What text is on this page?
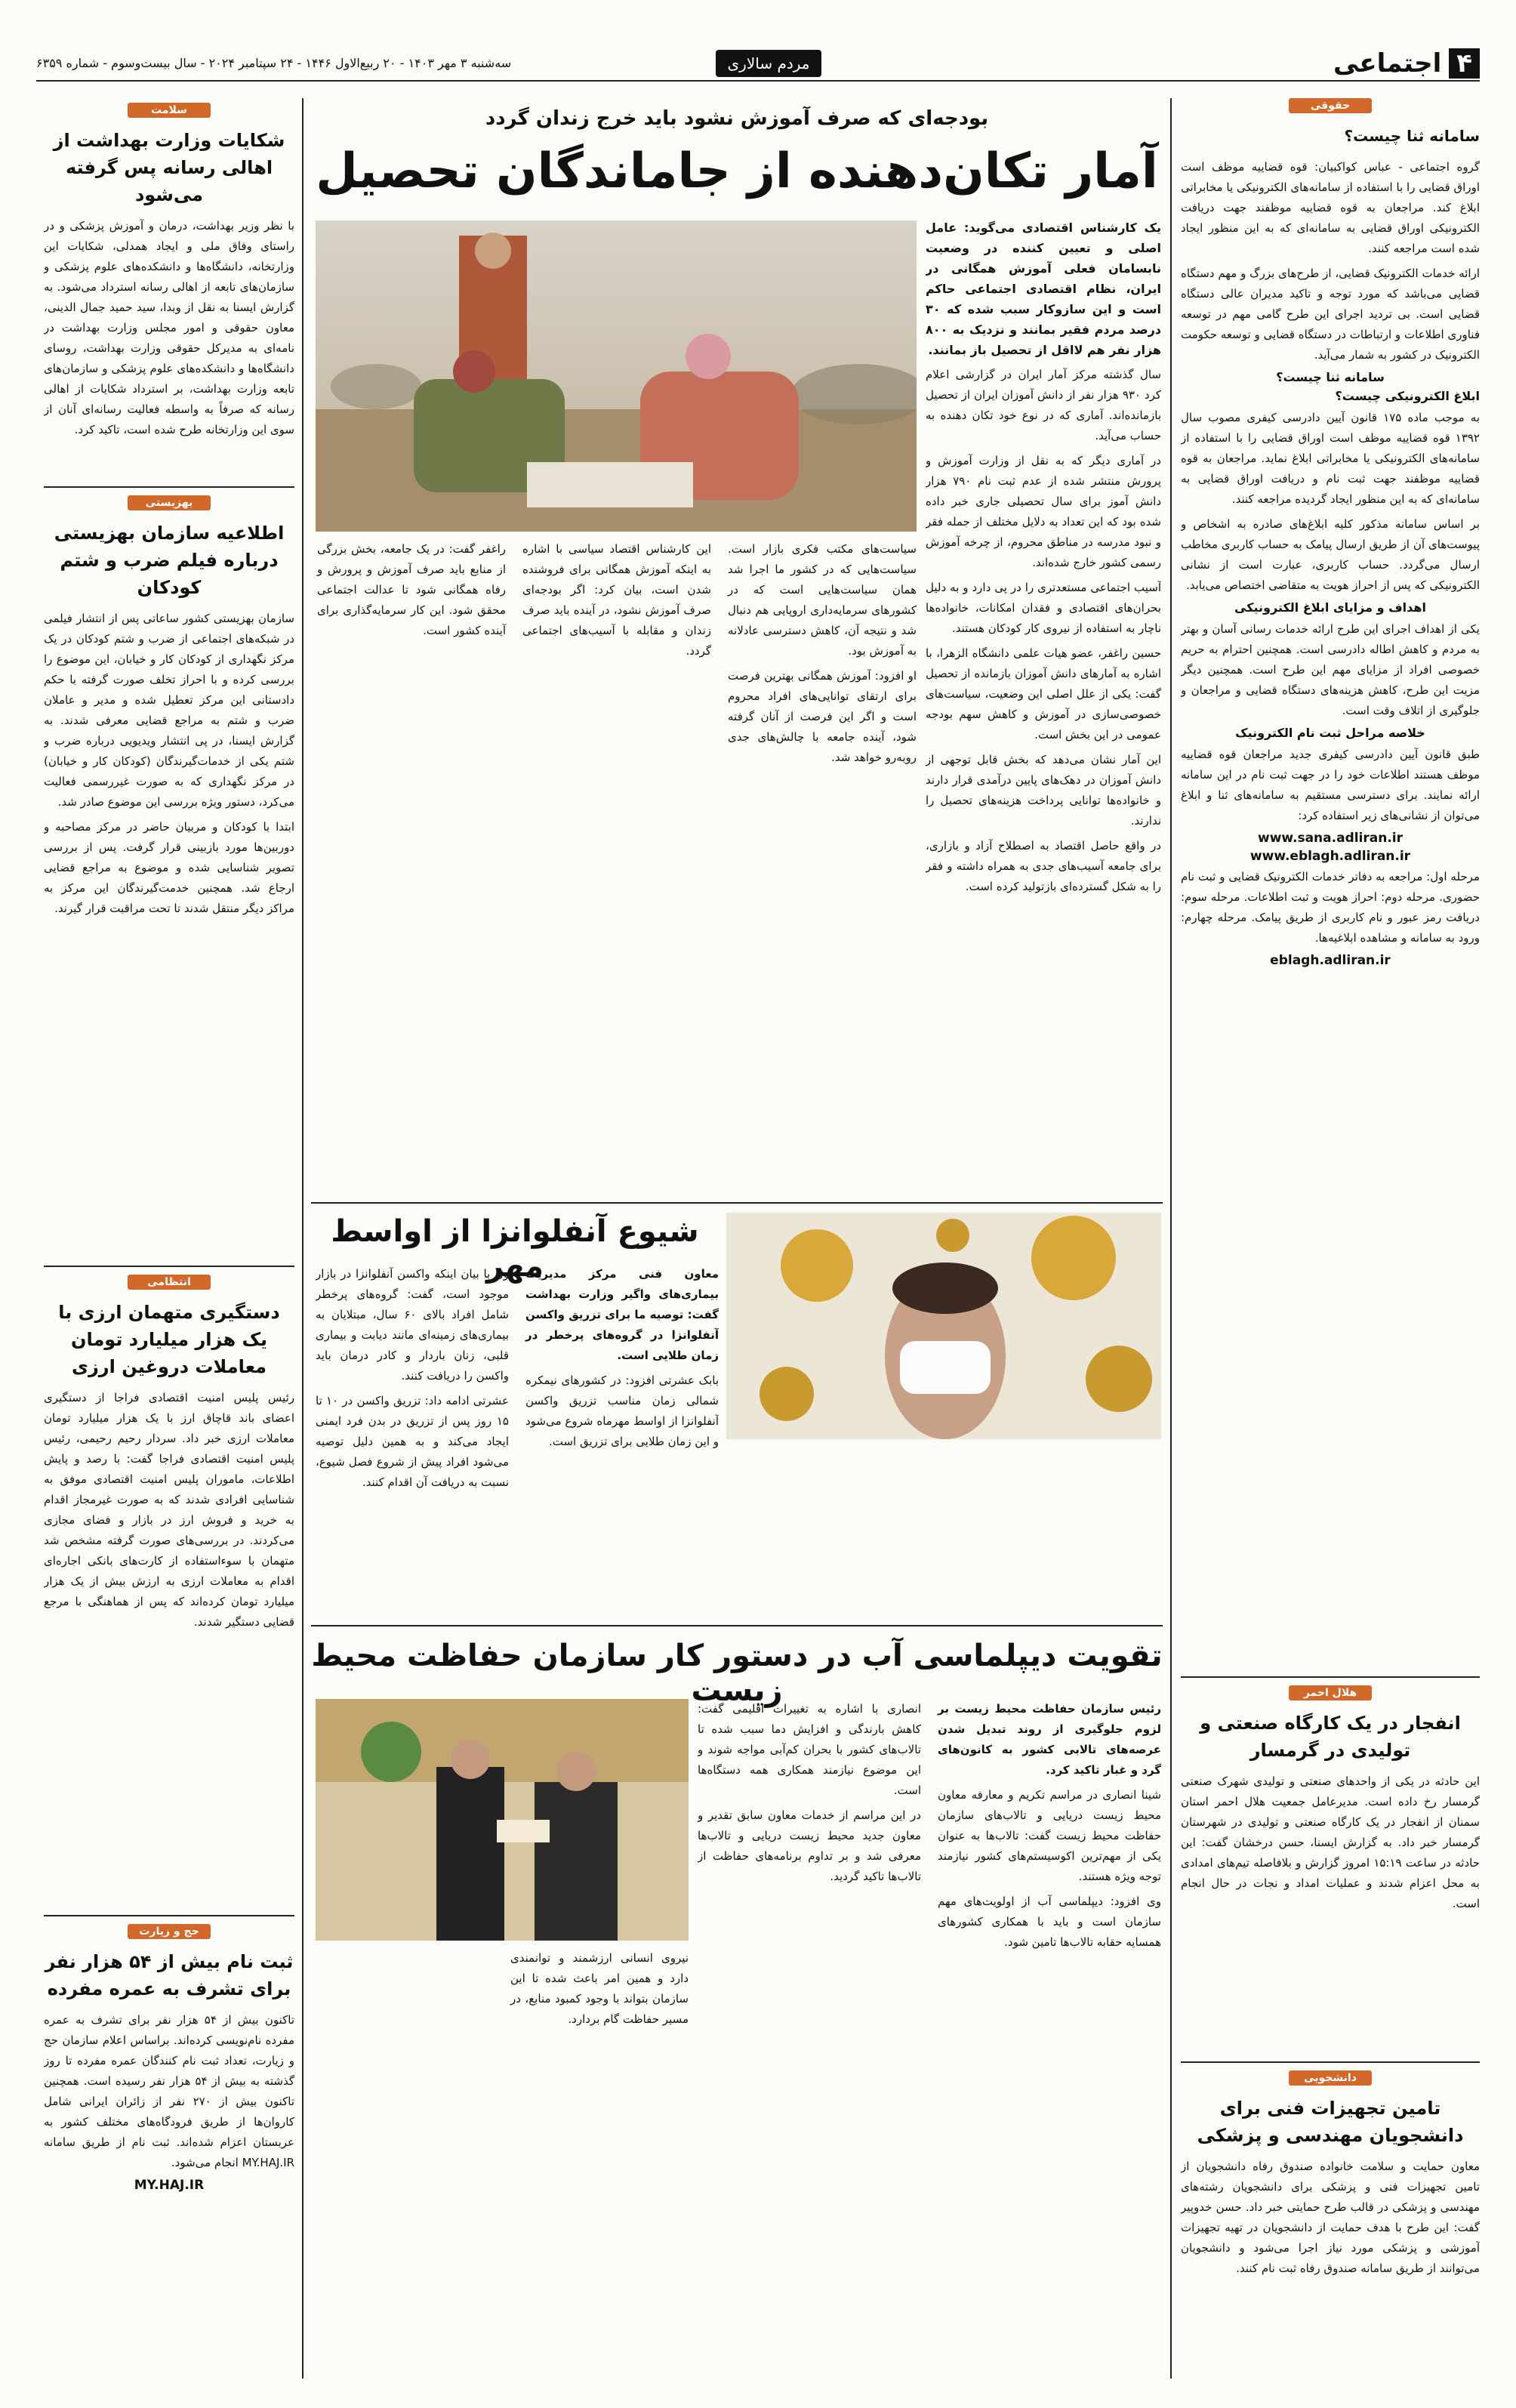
۴اجتماعی
مردم سالاری
سه‌شنبه ۳ مهر ۱۴۰۳ - ۲۰ ربیع‌الاول ۱۴۴۶ - ۲۴ سپتامبر ۲۰۲۴ - سال بیست‌وسوم - شماره ۶۳۵۹
حقوقی
سامانه ثنا چیست؟

گروه اجتماعی - عباس کواکبیان: قوه قضاییه موظف است اوراق قضایی را با استفاده از سامانه‌های الکترونیکی یا مخابراتی ابلاغ کند. مراجعان به قوه قضاییه موظفند جهت دریافت الکترونیکی اوراق قضایی به سامانه‌ای که به این منظور ایجاد شده است مراجعه کنند.

ارائه خدمات الکترونیک قضایی، از طرح‌های بزرگ و مهم دستگاه قضایی می‌باشد که مورد توجه و تاکید مدیران عالی دستگاه قضایی است. بی تردید اجرای این طرح گامی مهم در توسعه فناوری اطلاعات و ارتباطات در دستگاه قضایی و توسعه حکومت الکترونیک در کشور به شمار می‌آید.

سامانه ثنا چیست؟
ابلاغ الکترونیکی چیست؟

به موجب ماده ۱۷۵ قانون آیین دادرسی کیفری مصوب سال ۱۳۹۲ قوه قضاییه موظف است اوراق قضایی را با استفاده از سامانه‌های الکترونیکی یا مخابراتی ابلاغ نماید. مراجعان به قوه قضاییه موظفند جهت ثبت نام و دریافت اوراق قضایی به سامانه‌ای که به این منظور ایجاد گردیده مراجعه کنند.

بر اساس سامانه مذکور کلیه ابلاغ‌های صادره به اشخاص و پیوست‌های آن از طریق ارسال پیامک به حساب کاربری مخاطب ارسال می‌گردد. حساب کاربری، عبارت است از نشانی الکترونیکی که پس از احراز هویت به متقاضی اختصاص می‌یابد.

اهداف و مزایای ابلاغ الکترونیکی

یکی از اهداف اجرای این طرح ارائه خدمات رسانی آسان و بهتر به مردم و کاهش اطاله دادرسی است. همچنین احترام به حریم خصوصی افراد از مزایای مهم این طرح است. همچنین دیگر مزیت این طرح، کاهش هزینه‌های دستگاه قضایی و مراجعان و جلوگیری از اتلاف وقت است.

خلاصه مراحل ثبت نام الکترونیک

طبق قانون آیین دادرسی کیفری جدید مراجعان قوه قضاییه موظف هستند اطلاعات خود را در جهت ثبت نام در این سامانه ارائه نمایند. برای دسترسی مستقیم به سامانه‌های ثنا و ابلاغ می‌توان از نشانی‌های زیر استفاده کرد:

www.sana.adliran.ir
www.eblagh.adliran.ir

مرحله اول: مراجعه به دفاتر خدمات الکترونیک قضایی و ثبت نام حضوری. مرحله دوم: احراز هویت و ثبت اطلاعات. مرحله سوم: دریافت رمز عبور و نام کاربری از طریق پیامک. مرحله چهارم: ورود به سامانه و مشاهده ابلاغیه‌ها.

eblagh.adliran.ir
هلال احمر
انفجار در یک کارگاه صنعتی و تولیدی در گرمسار

این حادثه در یکی از واحدهای صنعتی و تولیدی شهرک صنعتی گرمسار رخ داده است. مدیرعامل جمعیت هلال احمر استان سمنان از انفجار در یک کارگاه صنعتی و تولیدی در شهرستان گرمسار خبر داد. به گزارش ایسنا، حسن درخشان گفت: این حادثه در ساعت ۱۵:۱۹ امروز گزارش و بلافاصله تیم‌های امدادی به محل اعزام شدند و عملیات امداد و نجات در حال انجام است.

دانشجویی
تامین تجهیزات فنی برای دانشجویان مهندسی و پزشکی

معاون حمایت و سلامت خانواده صندوق رفاه دانشجویان از تامین تجهیزات فنی و پزشکی برای دانشجویان رشته‌های مهندسی و پزشکی در قالب طرح حمایتی خبر داد. حسن خدوپیر گفت: این طرح با هدف حمایت از دانشجویان در تهیه تجهیزات آموزشی و پزشکی مورد نیاز اجرا می‌شود و دانشجویان می‌توانند از طریق سامانه صندوق رفاه ثبت نام کنند.

سلامت
شکایات وزارت بهداشت از اهالی رسانه پس گرفته می‌شود

با نظر وزیر بهداشت، درمان و آموزش پزشکی و در راستای وفاق ملی و ایجاد همدلی، شکایات این وزارتخانه، دانشگاه‌ها و دانشکده‌های علوم پزشکی و سازمان‌های تابعه از اهالی رسانه استرداد می‌شود. به گزارش ایسنا به نقل از وبدا، سید حمید جمال الدینی، معاون حقوقی و امور مجلس وزارت بهداشت در نامه‌ای به مدیرکل حقوقی وزارت بهداشت، روسای دانشگاه‌ها و دانشکده‌های علوم پزشکی و سازمان‌های تابعه وزارت بهداشت، بر استرداد شکایات از اهالی رسانه که صرفاً به واسطه فعالیت رسانه‌ای آنان از سوی این وزارتخانه طرح شده است، تاکید کرد.

بهزیستی
اطلاعیه سازمان بهزیستی درباره فیلم ضرب و شتم کودکان

سازمان بهزیستی کشور ساعاتی پس از انتشار فیلمی در شبکه‌های اجتماعی از ضرب و شتم کودکان در یک مرکز نگهداری از کودکان کار و خیابان، این موضوع را بررسی کرده و با احراز تخلف صورت گرفته با حکم دادستانی این مرکز تعطیل شده و مدیر و عاملان ضرب و شتم به مراجع قضایی معرفی شدند. به گزارش ایسنا، در پی انتشار ویدیویی درباره ضرب و شتم یکی از خدمات‌گیرندگان (کودکان کار و خیابان) در مرکز نگهداری که به صورت غیررسمی فعالیت می‌کرد، دستور ویژه بررسی این موضوع صادر شد.

ابتدا با کودکان و مربیان حاضر در مرکز مصاحبه و دوربین‌ها مورد بازبینی قرار گرفت. پس از بررسی تصویر شناسایی شده و موضوع به مراجع قضایی ارجاع شد. همچنین خدمت‌گیرندگان این مرکز به مراکز دیگر منتقل شدند تا تحت مراقبت قرار گیرند.

انتظامی
دستگیری متهمان ارزی با یک هزار میلیارد تومان معاملات دروغین ارزی

رئیس پلیس امنیت اقتصادی فراجا از دستگیری اعضای باند قاچاق ارز با یک هزار میلیارد تومان معاملات ارزی خبر داد. سردار رحیم رحیمی، رئیس پلیس امنیت اقتصادی فراجا گفت: با رصد و پایش اطلاعات، ماموران پلیس امنیت اقتصادی موفق به شناسایی افرادی شدند که به صورت غیرمجاز اقدام به خرید و فروش ارز در بازار و فضای مجازی می‌کردند. در بررسی‌های صورت گرفته مشخص شد متهمان با سوءاستفاده از کارت‌های بانکی اجاره‌ای اقدام به معاملات ارزی به ارزش بیش از یک هزار میلیارد تومان کرده‌اند که پس از هماهنگی با مرجع قضایی دستگیر شدند.

حج و زیارت
ثبت نام بیش از ۵۴ هزار نفر برای تشرف به عمره مفرده

تاکنون بیش از ۵۴ هزار نفر برای تشرف به عمره مفرده نام‌نویسی کرده‌اند. براساس اعلام سازمان حج و زیارت، تعداد ثبت نام کنندگان عمره مفرده تا روز گذشته به بیش از ۵۴ هزار نفر رسیده است. همچنین تاکنون بیش از ۲۷۰ نفر از زائران ایرانی شامل کاروان‌ها از طریق فرودگاه‌های مختلف کشور به عربستان اعزام شده‌اند. ثبت نام از طریق سامانه MY.HAJ.IR انجام می‌شود.

MY.HAJ.IR
بودجه‌ای که صرف آموزش نشود باید خرج زندان گردد
آمار تکان‌دهنده از جاماندگان تحصیل

یک کارشناس اقتصادی می‌گوید: عامل اصلی و تعیین کننده در وضعیت نابسامان فعلی آموزش همگانی در ایران، نظام اقتصادی اجتماعی حاکم است و این سازوکار سبب شده که ۳۰ درصد مردم فقیر بمانند و نزدیک به ۸۰۰ هزار نفر هم لااقل از تحصیل باز بمانند.

سال گذشته مرکز آمار ایران در گزارشی اعلام کرد ۹۳۰ هزار نفر از دانش آموزان ایران از تحصیل بازمانده‌اند. آماری که در نوع خود تکان دهنده به حساب می‌آید.

در آماری دیگر که به نقل از وزارت آموزش و پرورش منتشر شده از عدم ثبت نام ۷۹۰ هزار دانش آموز برای سال تحصیلی جاری خبر داده شده بود که این تعداد به دلایل مختلف از جمله فقر و نبود مدرسه در مناطق محروم، از چرخه آموزش رسمی کشور خارج شده‌اند.

آسیب اجتماعی مستعدتری را در پی دارد و به دلیل بحران‌های اقتصادی و فقدان امکانات، خانواده‌ها ناچار به استفاده از نیروی کار کودکان هستند.

حسین راغفر، عضو هیات علمی دانشگاه الزهرا، با اشاره به آمارهای دانش آموزان بازمانده از تحصیل گفت: یکی از علل اصلی این وضعیت، سیاست‌های خصوصی‌سازی در آموزش و کاهش سهم بودجه عمومی در این بخش است.

این آمار نشان می‌دهد که بخش قابل توجهی از دانش آموزان در دهک‌های پایین درآمدی قرار دارند و خانواده‌ها توانایی پرداخت هزینه‌های تحصیل را ندارند.

در واقع حاصل اقتصاد به اصطلاح آزاد و بازاری، برای جامعه آسیب‌های جدی به همراه داشته و فقر را به شکل گسترده‌ای بازتولید کرده است.

سیاست‌های مکتب فکری بازار است. سیاست‌هایی که در کشور ما اجرا شد همان سیاست‌هایی است که در کشورهای سرمایه‌داری اروپایی هم دنبال شد و نتیجه آن، کاهش دسترسی عادلانه به آموزش بود.

او افزود: آموزش همگانی بهترین فرصت برای ارتقای توانایی‌های افراد محروم است و اگر این فرصت از آنان گرفته شود، آینده جامعه با چالش‌های جدی روبه‌رو خواهد شد.

این کارشناس اقتصاد سیاسی با اشاره به اینکه آموزش همگانی برای فروشنده شدن است، بیان کرد: اگر بودجه‌ای صرف آموزش نشود، در آینده باید صرف زندان و مقابله با آسیب‌های اجتماعی گردد.

راغفر گفت: در یک جامعه، بخش بزرگی از منابع باید صرف آموزش و پرورش و رفاه همگانی شود تا عدالت اجتماعی محقق شود. این کار سرمایه‌گذاری برای آینده کشور است.

شیوع آنفلوانزا از اواسط مهر

معاون فنی مرکز مدیریت بیماری‌های واگیر وزارت بهداشت گفت: توصیه ما برای تزریق واکسن آنفلوانزا در گروه‌های پرخطر در زمان طلایی است.

بابک عشرتی افزود: در کشورهای نیمکره شمالی زمان مناسب تزریق واکسن آنفلوانزا از اواسط مهرماه شروع می‌شود و این زمان طلایی برای تزریق است.

وی با بیان اینکه واکسن آنفلوانزا در بازار موجود است، گفت: گروه‌های پرخطر شامل افراد بالای ۶۰ سال، مبتلایان به بیماری‌های زمینه‌ای مانند دیابت و بیماری قلبی، زنان باردار و کادر درمان باید واکسن را دریافت کنند.

عشرتی ادامه داد: تزریق واکسن در ۱۰ تا ۱۵ روز پس از تزریق در بدن فرد ایمنی ایجاد می‌کند و به همین دلیل توصیه می‌شود افراد پیش از شروع فصل شیوع، نسبت به دریافت آن اقدام کنند.

تقویت دیپلماسی آب در دستور کار سازمان حفاظت محیط زیست

نیروی انسانی ارزشمند و توانمندی دارد و همین امر باعث شده تا این سازمان بتواند با وجود کمبود منابع، در مسیر حفاظت گام بردارد.

رئیس سازمان حفاظت محیط زیست بر لزوم جلوگیری از روند تبدیل شدن عرصه‌های تالابی کشور به کانون‌های گرد و غبار تاکید کرد.

شینا انصاری در مراسم تکریم و معارفه معاون محیط زیست دریایی و تالاب‌های سازمان حفاظت محیط زیست گفت: تالاب‌ها به عنوان یکی از مهم‌ترین اکوسیستم‌های کشور نیازمند توجه ویژه هستند.

وی افزود: دیپلماسی آب از اولویت‌های مهم سازمان است و باید با همکاری کشورهای همسایه حقابه تالاب‌ها تامین شود.

انصاری با اشاره به تغییرات اقلیمی گفت: کاهش بارندگی و افزایش دما سبب شده تا تالاب‌های کشور با بحران کم‌آبی مواجه شوند و این موضوع نیازمند همکاری همه دستگاه‌ها است.

در این مراسم از خدمات معاون سابق تقدیر و معاون جدید محیط زیست دریایی و تالاب‌ها معرفی شد و بر تداوم برنامه‌های حفاظت از تالاب‌ها تاکید گردید.
